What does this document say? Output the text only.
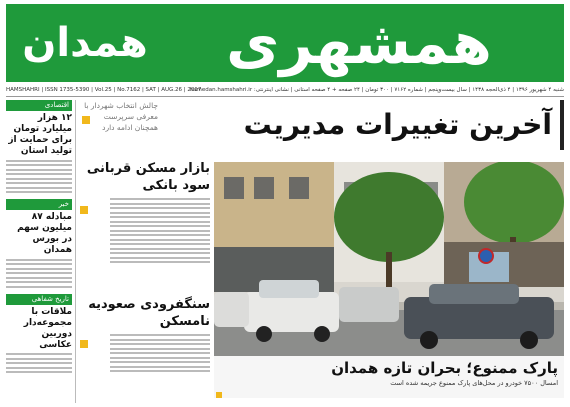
همدان	همشهری
HAMSHAHRI | ISSN 1735-5390 | Vol.25 | No.7162 | SAT | AUG.26 | 2017
شنبه ۴ شهریور ۱۳۹۶ | ۴ ذی‌الحجه ۱۴۳۸ | سال بیست‌وپنجم | شماره ۷۱۶۲ | ۳۰۰ تومان | ۲۴ صفحه + ۴ صفحه استانی | نشانی اینترنتی: hamedan.hamshahri.ir
اقتصادی
۱۲ هزار میلیارد تومان برای حمایت از تولید استان
خبر
مبادله ۸۷ میلیون سهم در بورس همدان
تاریخ شفاهی
ملاقات با مجموعه‌دار دوربین عکاسی
چالش انتخاب شهردار با معرفی سرپرست همچنان ادامه دارد	آخرین تغییرات مدیریت
بازار مسکن قربانی سود بانکی
سنگفرودی صعودیه نامسکن
پارک ممنوع؛ بحران تازه همدان
امسال ۷۵۰۰ خودرو در محل‌های پارک ممنوع جریمه شده است
